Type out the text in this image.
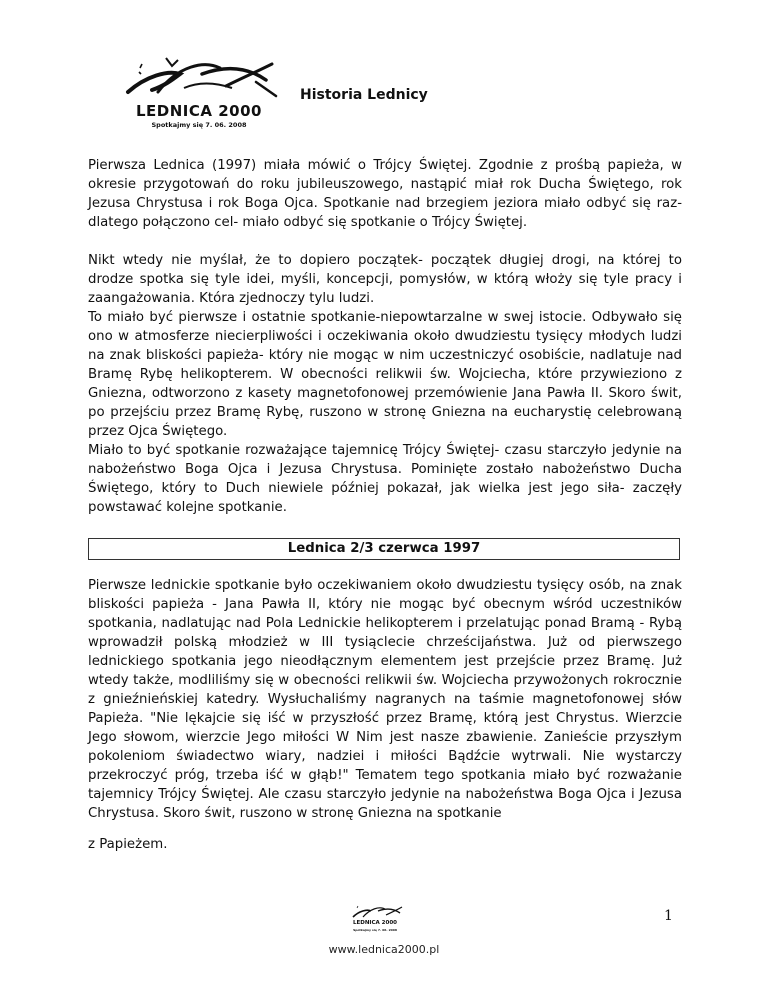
LEDNICA 2000
Spotkajmy się 7. 06. 2008
Historia Lednicy

Pierwsza Lednica (1997) miała mówić o Trójcy Świętej. Zgodnie z prośbą papieża, w okresie przygotowań do roku jubileuszowego, nastąpić miał rok Ducha Świętego, rok Jezusa Chrystusa i rok Boga Ojca. Spotkanie nad brzegiem jeziora miało odbyć się raz- dlatego połączono cel- miało odbyć się spotkanie o Trójcy Świętej.

Nikt wtedy nie myślał, że to dopiero początek- początek długiej drogi, na której to drodze spotka się tyle idei, myśli, koncepcji, pomysłów, w którą włoży się tyle pracy i zaangażowania. Która zjednoczy tylu ludzi.

To miało być pierwsze i ostatnie spotkanie-niepowtarzalne w swej istocie. Odbywało się ono w atmosferze niecierpliwości i oczekiwania około dwudziestu tysięcy młodych ludzi na znak bliskości papieża- który nie mogąc w nim uczestniczyć osobiście, nadlatuje nad Bramę Rybę helikopterem. W obecności relikwii św. Wojciecha, które przywieziono z Gniezna, odtworzono z kasety magnetofonowej przemówienie Jana Pawła II. Skoro świt, po przejściu przez Bramę Rybę, ruszono w stronę Gniezna na eucharystię celebrowaną przez Ojca Świętego.

Miało to być spotkanie rozważające tajemnicę Trójcy Świętej- czasu starczyło jedynie na nabożeństwo Boga Ojca i Jezusa Chrystusa. Pominięte zostało nabożeństwo Ducha Świętego, który to Duch niewiele później pokazał, jak wielka jest jego siła- zaczęły powstawać kolejne spotkanie.

Lednica 2/3 czerwca 1997

Pierwsze lednickie spotkanie było oczekiwaniem około dwudziestu tysięcy osób, na znak bliskości papieża - Jana Pawła II, który nie mogąc być obecnym wśród uczestników spotkania, nadlatując nad Pola Lednickie helikopterem i przelatując ponad Bramą - Rybą wprowadził polską młodzież w III tysiąclecie chrześcijaństwa. Już od pierwszego lednickiego spotkania jego nieodłącznym elementem jest przejście przez Bramę. Już wtedy także, modliliśmy się w obecności relikwii św. Wojciecha przywożonych rokrocznie z gnieźnieńskiej katedry. Wysłuchaliśmy nagranych na taśmie magnetofonowej słów Papieża. "Nie lękajcie się iść w przyszłość przez Bramę, którą jest Chrystus. Wierzcie Jego słowom, wierzcie Jego miłości W Nim jest nasze zbawienie. Zanieście przyszłym pokoleniom świadectwo wiary, nadziei i miłości Bądźcie wytrwali. Nie wystarczy przekroczyć próg, trzeba iść w głąb!" Tematem tego spotkania miało być rozważanie tajemnicy Trójcy Świętej. Ale czasu starczyło jedynie na nabożeństwa Boga Ojca i Jezusa Chrystusa. Skoro świt, ruszono w stronę Gniezna na spotkanie

z Papieżem.

LEDNICA 2000
Spotkajmy się 7. 06. 2008
1
www.lednica2000.pl
